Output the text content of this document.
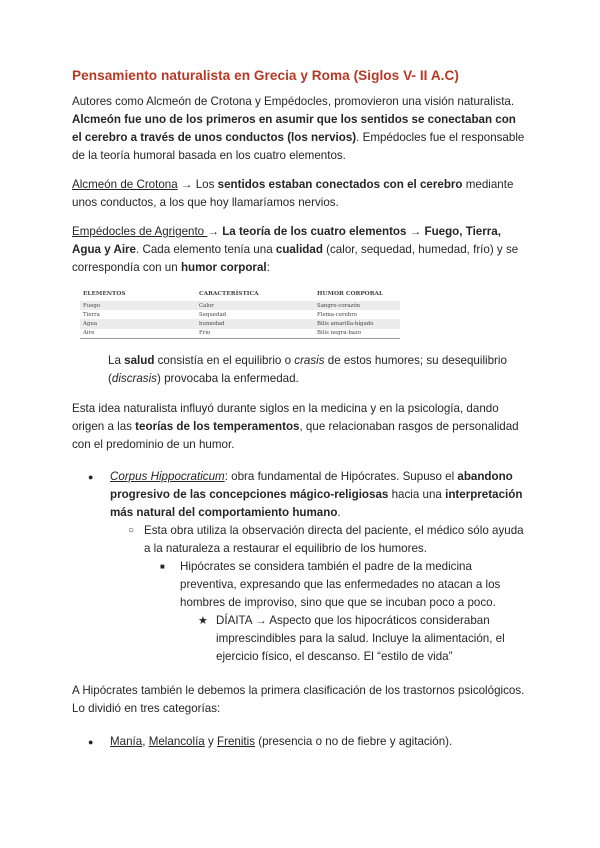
Pensamiento naturalista en Grecia y Roma (Siglos V- II A.C)

Autores como Alcmeón de Crotona y Empédocles, promovieron una visión naturalista. Alcmeón fue uno de los primeros en asumir que los sentidos se conectaban con el cerebro a través de unos conductos (los nervios). Empédocles fue el responsable de la teoría humoral basada en los cuatro elementos.

Alcmeón de Crotona → Los sentidos estaban conectados con el cerebro mediante unos conductos, a los que hoy llamaríamos nervios.

Empédocles de Agrigento → La teoría de los cuatro elementos → Fuego, Tierra, Agua y Aire. Cada elemento tenía una cualidad (calor, sequedad, humedad, frío) y se correspondía con un humor corporal:

ELEMENTOS	CARACTERÍSTICA	HUMOR CORPORAL
Fuego	Calor	Sangre-corazón
Tierra	Sequedad	Flema-cerebro
Agua	humedad	Bilis amarilla-hígado
Aire	Frío	Bilis negra-bazo

La salud consistía en el equilibrio o crasis de estos humores; su desequilibrio (discrasis) provocaba la enfermedad.

Esta idea naturalista influyó durante siglos en la medicina y en la psicología, dando origen a las teorías de los temperamentos, que relacionaban rasgos de personalidad con el predominio de un humor.

● Corpus Hippocraticum: obra fundamental de Hipócrates. Supuso el abandono progresivo de las concepciones mágico-religiosas hacia una interpretación más natural del comportamiento humano.
○ Esta obra utiliza la observación directa del paciente, el médico sólo ayuda a la naturaleza a restaurar el equilibrio de los humores.
■ Hipócrates se considera también el padre de la medicina preventiva, expresando que las enfermedades no atacan a los hombres de improviso, sino que que se incuban poco a poco.
★ DÍAITA → Aspecto que los hipocráticos consideraban imprescindibles para la salud. Incluye la alimentación, el ejercicio físico, el descanso. El “estilo de vida”

A Hipócrates también le debemos la primera clasificación de los trastornos psicológicos. Lo dividió en tres categorías:

● Manía, Melancolía y Frenitis (presencia o no de fiebre y agitación).
